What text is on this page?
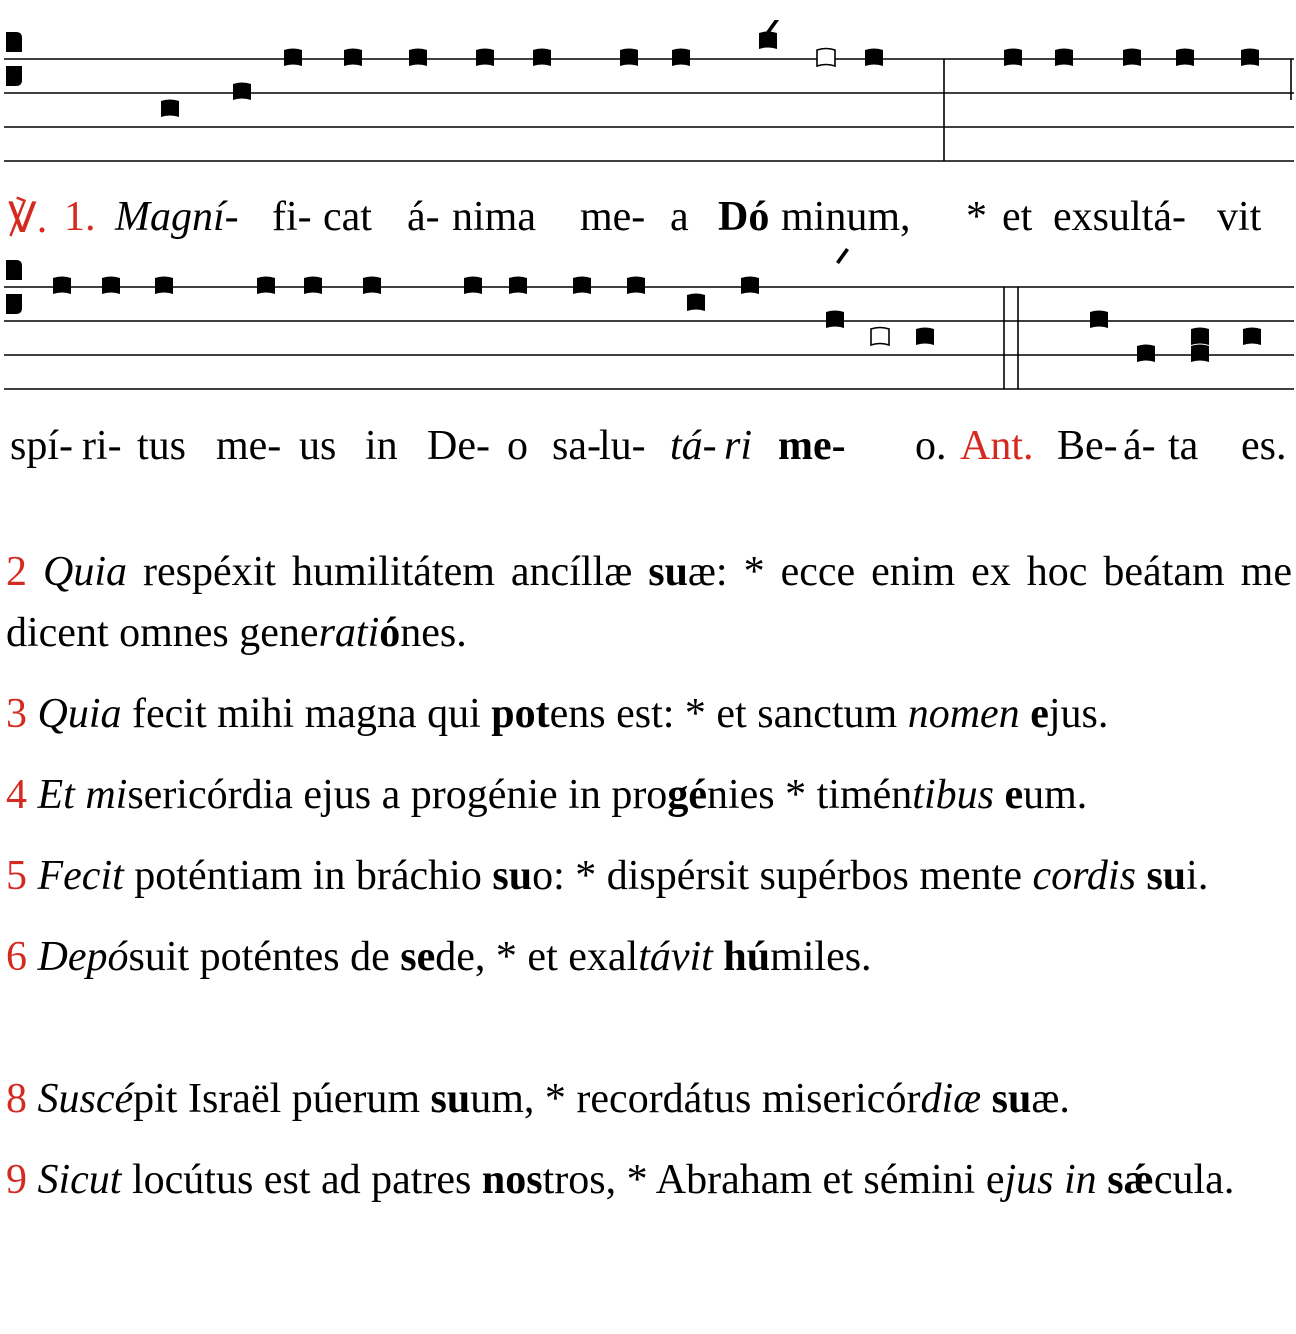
℣. 1. Magní- fi- cat á- nima me- a Dó minum, * et exsultá- vit
spí- ri- tus me- us in De- o sa-
lu- tá- ri me- o. Ant. Be- á- ta es.

2 Quia respéxit humilitátem ancíllæ suæ: * ecce enim ex hoc beátam me dicent omnes generatiónes.

3 Quia fecit mihi magna qui potens est: * et sanctum nomen ejus.

4 Et misericórdia ejus a progénie in progénies * timéntibus eum.

5 Fecit poténtiam in bráchio suo: * dispérsit supérbos mente cordis sui.

6 Depósuit poténtes de sede, * et exaltávit húmiles.

8 Suscépit Israël púerum suum, * recordátus misericórdiæ suæ.

9 Sicut locútus est ad patres nostros, * Abraham et sémini ejus in sǽcula.
